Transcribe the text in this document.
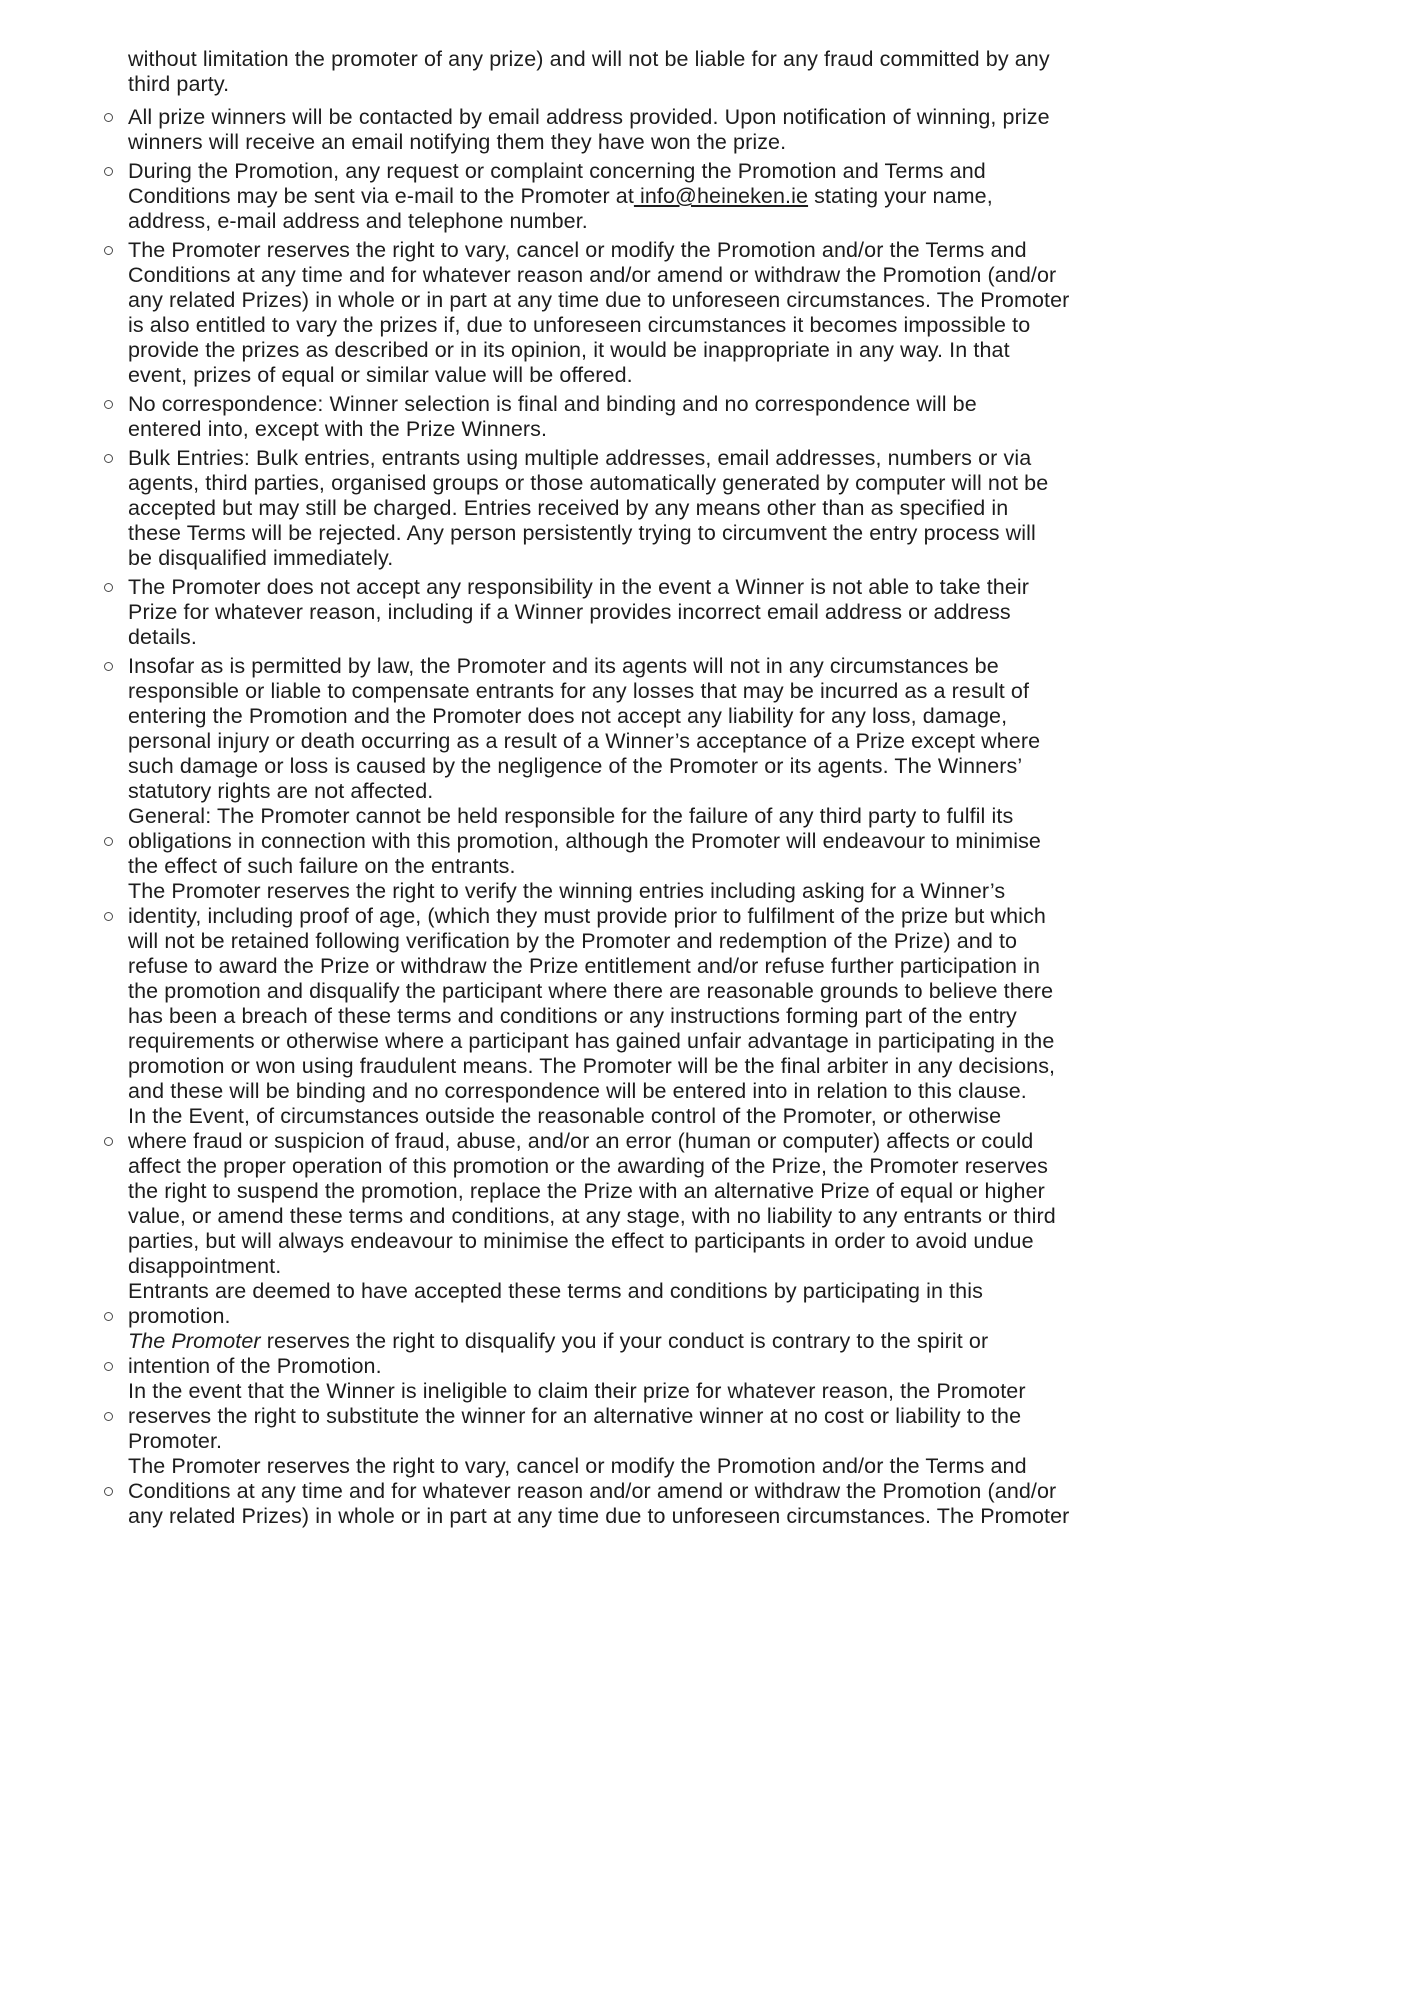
without limitation the promoter of any prize) and will not be liable for any fraud committed by any
third party.
All prize winners will be contacted by email address provided. Upon notification of winning, prize
winners will receive an email notifying them they have won the prize.
During the Promotion, any request or complaint concerning the Promotion and Terms and
Conditions may be sent via e-mail to the Promoter at info@heineken.ie stating your name,
address, e-mail address and telephone number.
The Promoter reserves the right to vary, cancel or modify the Promotion and/or the Terms and
Conditions at any time and for whatever reason and/or amend or withdraw the Promotion (and/or
any related Prizes) in whole or in part at any time due to unforeseen circumstances. The Promoter
is also entitled to vary the prizes if, due to unforeseen circumstances it becomes impossible to
provide the prizes as described or in its opinion, it would be inappropriate in any way. In that
event, prizes of equal or similar value will be offered.
No correspondence: Winner selection is final and binding and no correspondence will be
entered into, except with the Prize Winners.
Bulk Entries: Bulk entries, entrants using multiple addresses, email addresses, numbers or via
agents, third parties, organised groups or those automatically generated by computer will not be
accepted but may still be charged. Entries received by any means other than as specified in
these Terms will be rejected. Any person persistently trying to circumvent the entry process will
be disqualified immediately.
The Promoter does not accept any responsibility in the event a Winner is not able to take their
Prize for whatever reason, including if a Winner provides incorrect email address or address
details.
Insofar as is permitted by law, the Promoter and its agents will not in any circumstances be
responsible or liable to compensate entrants for any losses that may be incurred as a result of
entering the Promotion and the Promoter does not accept any liability for any loss, damage,
personal injury or death occurring as a result of a Winner’s acceptance of a Prize except where
such damage or loss is caused by the negligence of the Promoter or its agents. The Winners’
statutory rights are not affected.
General: The Promoter cannot be held responsible for the failure of any third party to fulfil its
obligations in connection with this promotion, although the Promoter will endeavour to minimise
the effect of such failure on the entrants.
The Promoter reserves the right to verify the winning entries including asking for a Winner’s
identity, including proof of age, (which they must provide prior to fulfilment of the prize but which
will not be retained following verification by the Promoter and redemption of the Prize) and to
refuse to award the Prize or withdraw the Prize entitlement and/or refuse further participation in
the promotion and disqualify the participant where there are reasonable grounds to believe there
has been a breach of these terms and conditions or any instructions forming part of the entry
requirements or otherwise where a participant has gained unfair advantage in participating in the
promotion or won using fraudulent means. The Promoter will be the final arbiter in any decisions,
and these will be binding and no correspondence will be entered into in relation to this clause.
In the Event, of circumstances outside the reasonable control of the Promoter, or otherwise
where fraud or suspicion of fraud, abuse, and/or an error (human or computer) affects or could
affect the proper operation of this promotion or the awarding of the Prize, the Promoter reserves
the right to suspend the promotion, replace the Prize with an alternative Prize of equal or higher
value, or amend these terms and conditions, at any stage, with no liability to any entrants or third
parties, but will always endeavour to minimise the effect to participants in order to avoid undue
disappointment.
Entrants are deemed to have accepted these terms and conditions by participating in this
promotion.
The Promoter reserves the right to disqualify you if your conduct is contrary to the spirit or
intention of the Promotion.
In the event that the Winner is ineligible to claim their prize for whatever reason, the Promoter
reserves the right to substitute the winner for an alternative winner at no cost or liability to the
Promoter.
The Promoter reserves the right to vary, cancel or modify the Promotion and/or the Terms and
Conditions at any time and for whatever reason and/or amend or withdraw the Promotion (and/or
any related Prizes) in whole or in part at any time due to unforeseen circumstances. The Promoter
